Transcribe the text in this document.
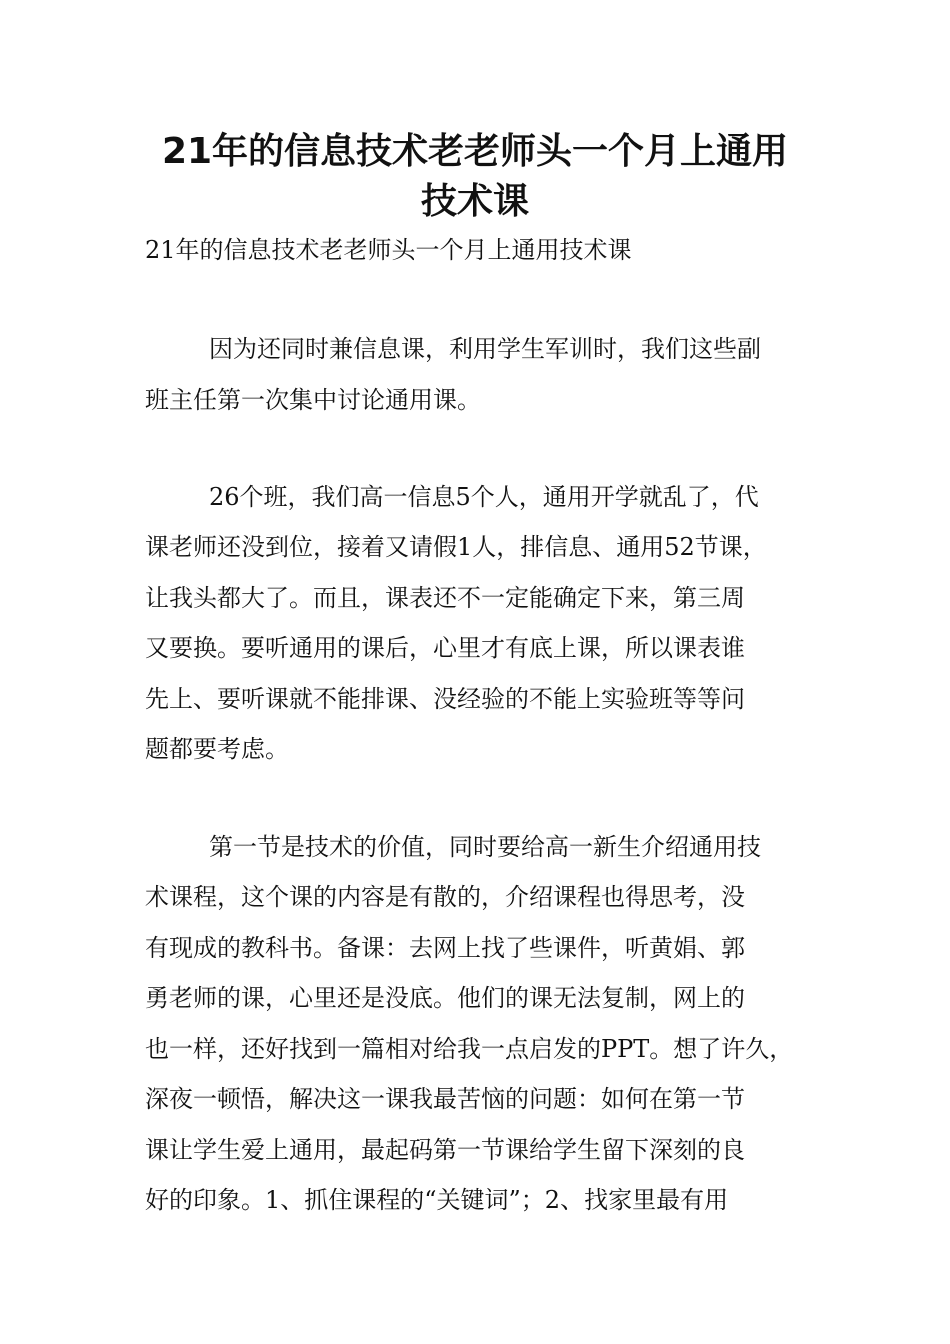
21年的信息技术老老师头一个月上通用
技术课

21年的信息技术老老师头一个月上通用技术课

因为还同时兼信息课，利用学生军训时，我们这些副

班主任第一次集中讨论通用课。

26个班，我们高一信息5个人，通用开学就乱了，代

课老师还没到位，接着又请假1人，排信息、通用52节课，

让我头都大了。而且，课表还不一定能确定下来，第三周

又要换。要听通用的课后，心里才有底上课，所以课表谁

先上、要听课就不能排课、没经验的不能上实验班等等问

题都要考虑。

第一节是技术的价值，同时要给高一新生介绍通用技

术课程，这个课的内容是有散的，介绍课程也得思考，没

有现成的教科书。备课：去网上找了些课件，听黄娟、郭

勇老师的课，心里还是没底。他们的课无法复制，网上的

也一样，还好找到一篇相对给我一点启发的PPT。想了许久，

深夜一顿悟，解决这一课我最苦恼的问题：如何在第一节

课让学生爱上通用，最起码第一节课给学生留下深刻的良

好的印象。1、抓住课程的“关键词”；2、找家里最有用
